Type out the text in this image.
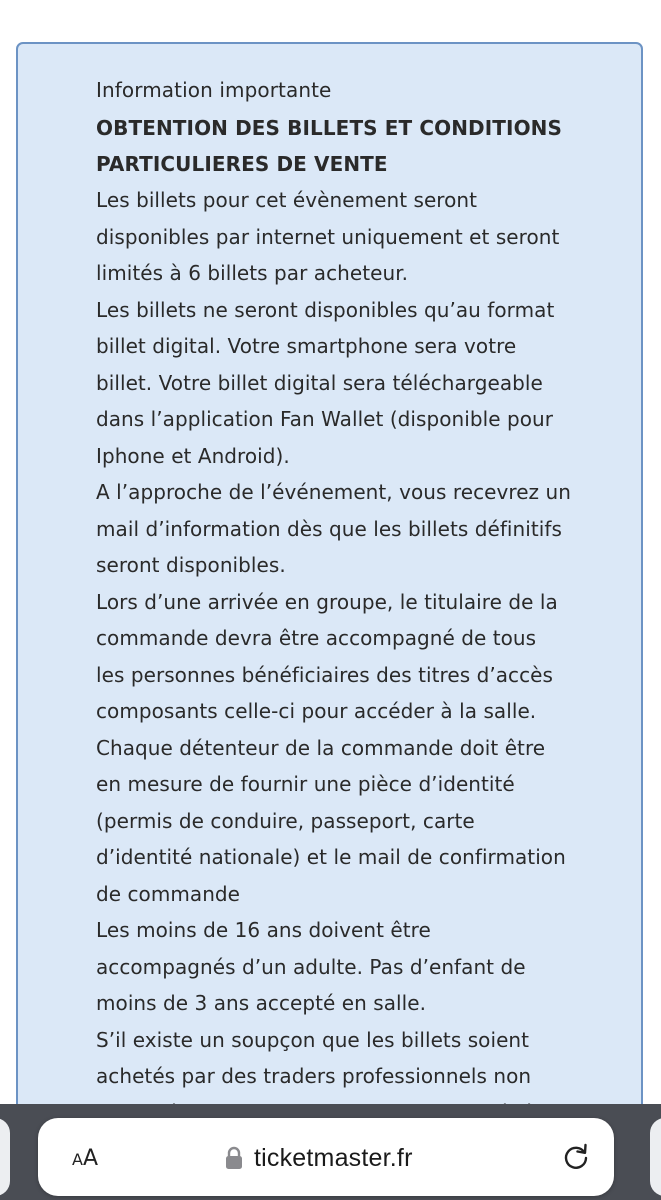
Information importante
OBTENTION DES BILLETS ET CONDITIONS
PARTICULIERES DE VENTE
Les billets pour cet évènement seront
disponibles par internet uniquement et seront
limités à 6 billets par acheteur.
Les billets ne seront disponibles qu’au format
billet digital. Votre smartphone sera votre
billet. Votre billet digital sera téléchargeable
dans l’application Fan Wallet (disponible pour
Iphone et Android).
A l’approche de l’événement, vous recevrez un
mail d’information dès que les billets définitifs
seront disponibles.
Lors d’une arrivée en groupe, le titulaire de la
commande devra être accompagné de tous
les personnes bénéficiaires des titres d’accès
composants celle-ci pour accéder à la salle.
Chaque détenteur de la commande doit être
en mesure de fournir une pièce d’identité
(permis de conduire, passeport, carte
d’identité nationale) et le mail de confirmation
de commande
Les moins de 16 ans doivent être
accompagnés d’un adulte. Pas d’enfant de
moins de 3 ans accepté en salle.
S’il existe un soupçon que les billets soient
achetés par des traders professionnels non
AA	ticketmaster.fr
